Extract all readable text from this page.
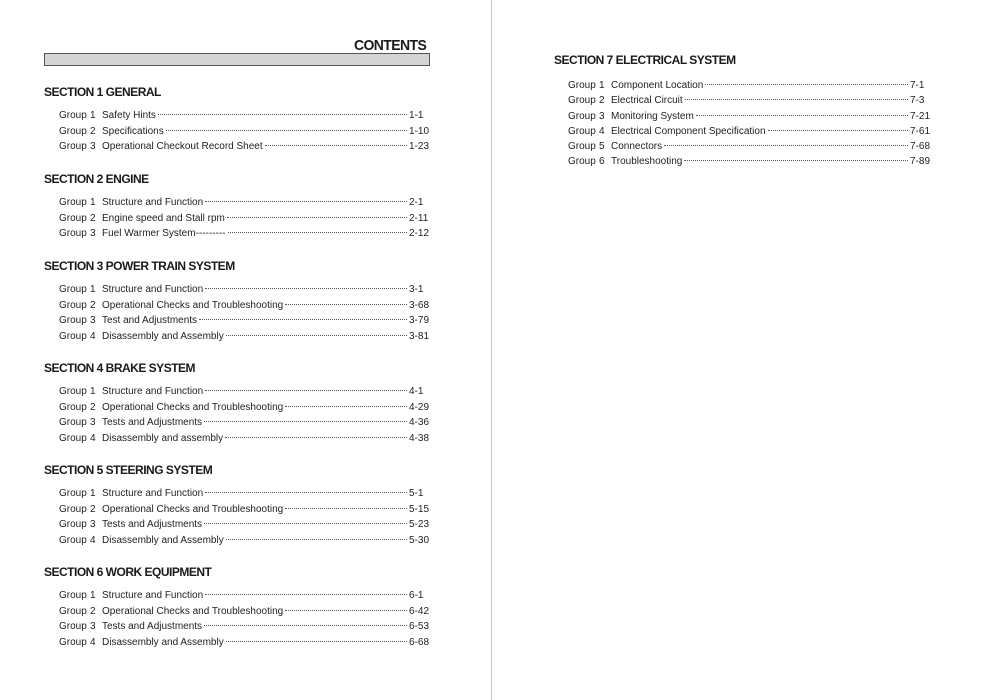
CONTENTS
SECTION 1 GENERAL
Group 1 Safety Hints	1-1
Group 2 Specifications	1-10
Group 3 Operational Checkout Record Sheet	1-23
SECTION 2 ENGINE
Group 1 Structure and Function	2-1
Group 2 Engine speed and Stall rpm	2-11
Group 3 Fuel Warmer System---------	2-12
SECTION 3 POWER TRAIN SYSTEM
Group 1 Structure and Function	3-1
Group 2 Operational Checks and Troubleshooting	3-68
Group 3 Test and Adjustments	3-79
Group 4 Disassembly and Assembly	3-81
SECTION 4 BRAKE SYSTEM
Group 1 Structure and Function	4-1
Group 2 Operational Checks and Troubleshooting	4-29
Group 3 Tests and Adjustments	4-36
Group 4 Disassembly and assembly	4-38
SECTION 5 STEERING SYSTEM
Group 1 Structure and Function	5-1
Group 2 Operational Checks and Troubleshooting	5-15
Group 3 Tests and Adjustments	5-23
Group 4 Disassembly and Assembly	5-30
SECTION 6 WORK EQUIPMENT
Group 1 Structure and Function	6-1
Group 2 Operational Checks and Troubleshooting	6-42
Group 3 Tests and Adjustments	6-53
Group 4 Disassembly and Assembly	6-68
SECTION 7 ELECTRICAL SYSTEM
Group 1 Component Location	7-1
Group 2 Electrical Circuit	7-3
Group 3 Monitoring System	7-21
Group 4 Electrical Component Specification	7-61
Group 5 Connectors	7-68
Group 6 Troubleshooting	7-89
